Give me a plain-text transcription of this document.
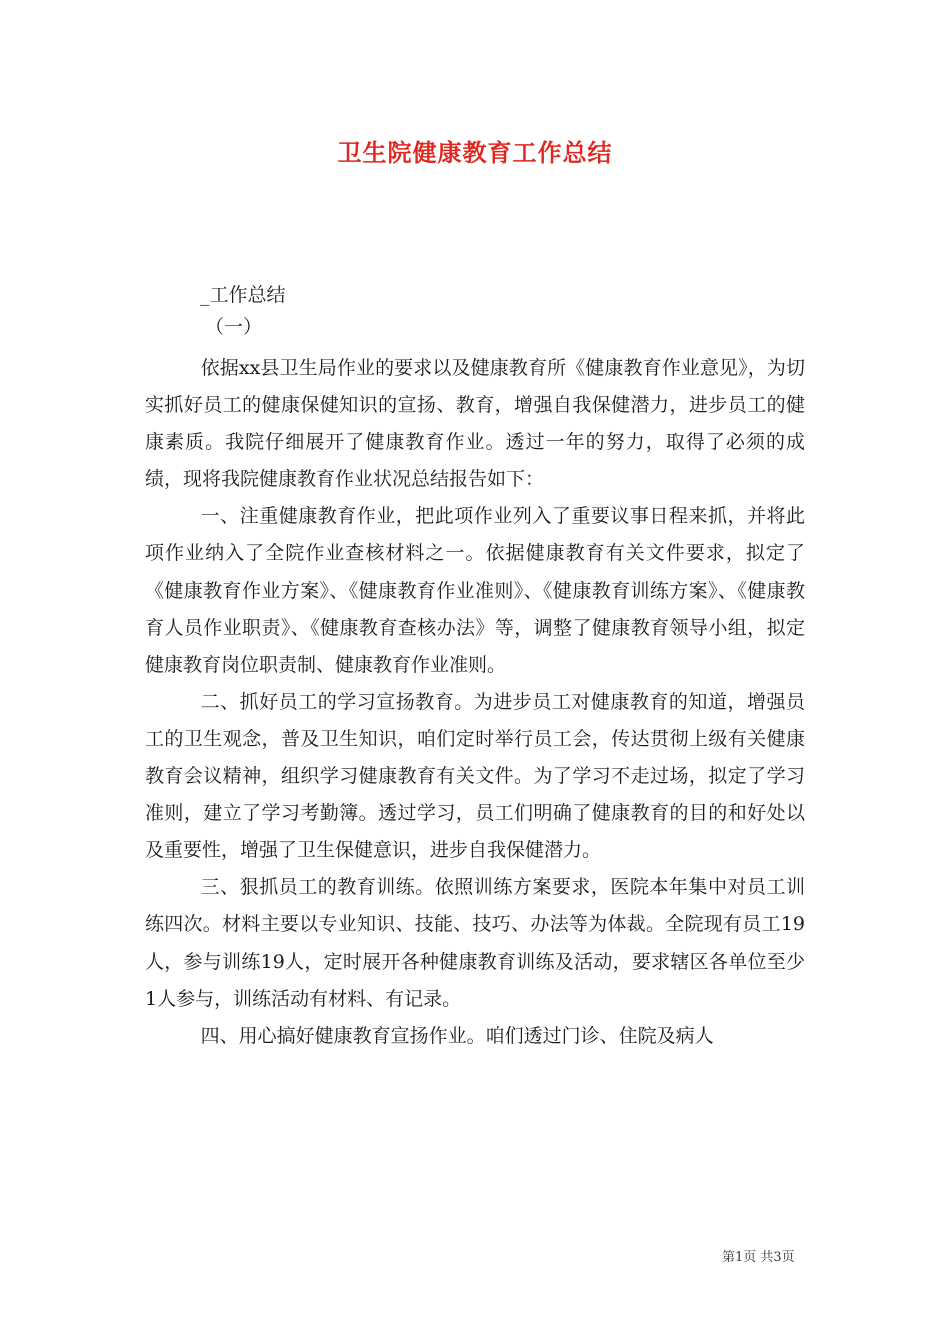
卫生院健康教育工作总结
_工作总结
（一）

依据xx县卫生局作业的要求以及健康教育所《健康教育作业意见》，为切实抓好员工的健康保健知识的宣扬、教育，增强自我保健潜力，进步员工的健康素质。我院仔细展开了健康教育作业。透过一年的努力，取得了必须的成绩，现将我院健康教育作业状况总结报告如下：

一、注重健康教育作业，把此项作业列入了重要议事日程来抓，并将此项作业纳入了全院作业查核材料之一。依据健康教育有关文件要求，拟定了《健康教育作业方案》、《健康教育作业准则》、《健康教育训练方案》、《健康教育人员作业职责》、《健康教育查核办法》等，调整了健康教育领导小组，拟定健康教育岗位职责制、健康教育作业准则。

二、抓好员工的学习宣扬教育。为进步员工对健康教育的知道，增强员工的卫生观念，普及卫生知识，咱们定时举行员工会，传达贯彻上级有关健康教育会议精神，组织学习健康教育有关文件。为了学习不走过场，拟定了学习准则，建立了学习考勤簿。透过学习，员工们明确了健康教育的目的和好处以及重要性，增强了卫生保健意识，进步自我保健潜力。

三、狠抓员工的教育训练。依照训练方案要求，医院本年集中对员工训练四次。材料主要以专业知识、技能、技巧、办法等为体裁。全院现有员工19人，参与训练19人，定时展开各种健康教育训练及活动，要求辖区各单位至少1人参与，训练活动有材料、有记录。

四、用心搞好健康教育宣扬作业。咱们透过门诊、住院及病人

第1页 共3页
